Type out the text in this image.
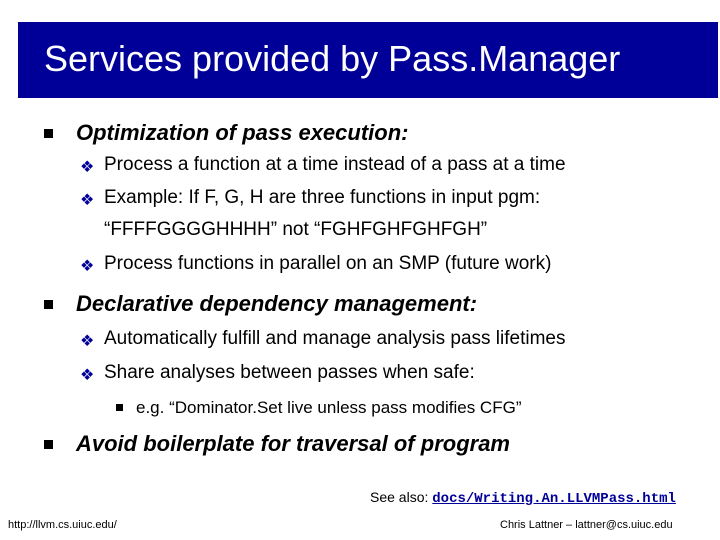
Services provided by Pass.Manager
Optimization of pass execution:
❖ Process a function at a time instead of a pass at a time
❖ Example: If F, G, H are three functions in input pgm:
“FFFFGGGGHHHH” not “FGHFGHFGHFGH”
❖ Process functions in parallel on an SMP (future work)
Declarative dependency management:
❖ Automatically fulfill and manage analysis pass lifetimes
❖ Share analyses between passes when safe:
e.g. “Dominator.Set live unless pass modifies CFG”
Avoid boilerplate for traversal of program
See also: docs/Writing.An.LLVMPass.html
http://llvm.cs.uiuc.edu/	Chris Lattner – lattner@cs.uiuc.edu
